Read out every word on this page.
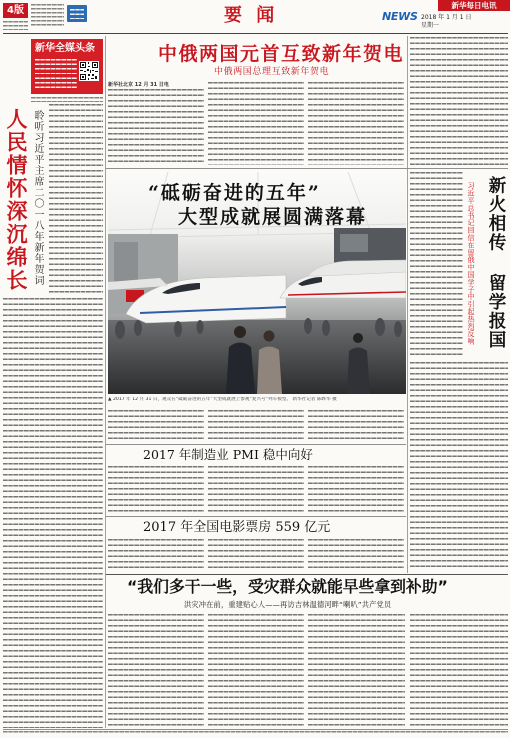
4版	要 闻	NEWS 2018 年 1 月 1 日
星期一
新华每日电讯
新华全媒头条
人民情怀深沉绵长 聆听习近平主席二〇一八年新年贺词
中俄两国元首互致新年贺电
中俄两国总理互致新年贺电
新华社北京 12 月 31 日电
“砥砺奋进的五年”
大型成就展圆满落幕
▲ 2017 年 12 月 31 日，观众在“砥砺奋进的五年”大型成就展上参观“复兴号”列车模型。 新华社记者 陈晔华 摄
2017 年制造业 PMI 稳中向好
2017 年全国电影票房 559 亿元
新火相传 留学报国
习近平总书记回信在留俄中国学子中引起热烈反响
“我们多干一些，受灾群众就能早些拿到补助”
洪灾冲在前，重建贴心人——再访吉林温德河畔“喇叭”共产党员
